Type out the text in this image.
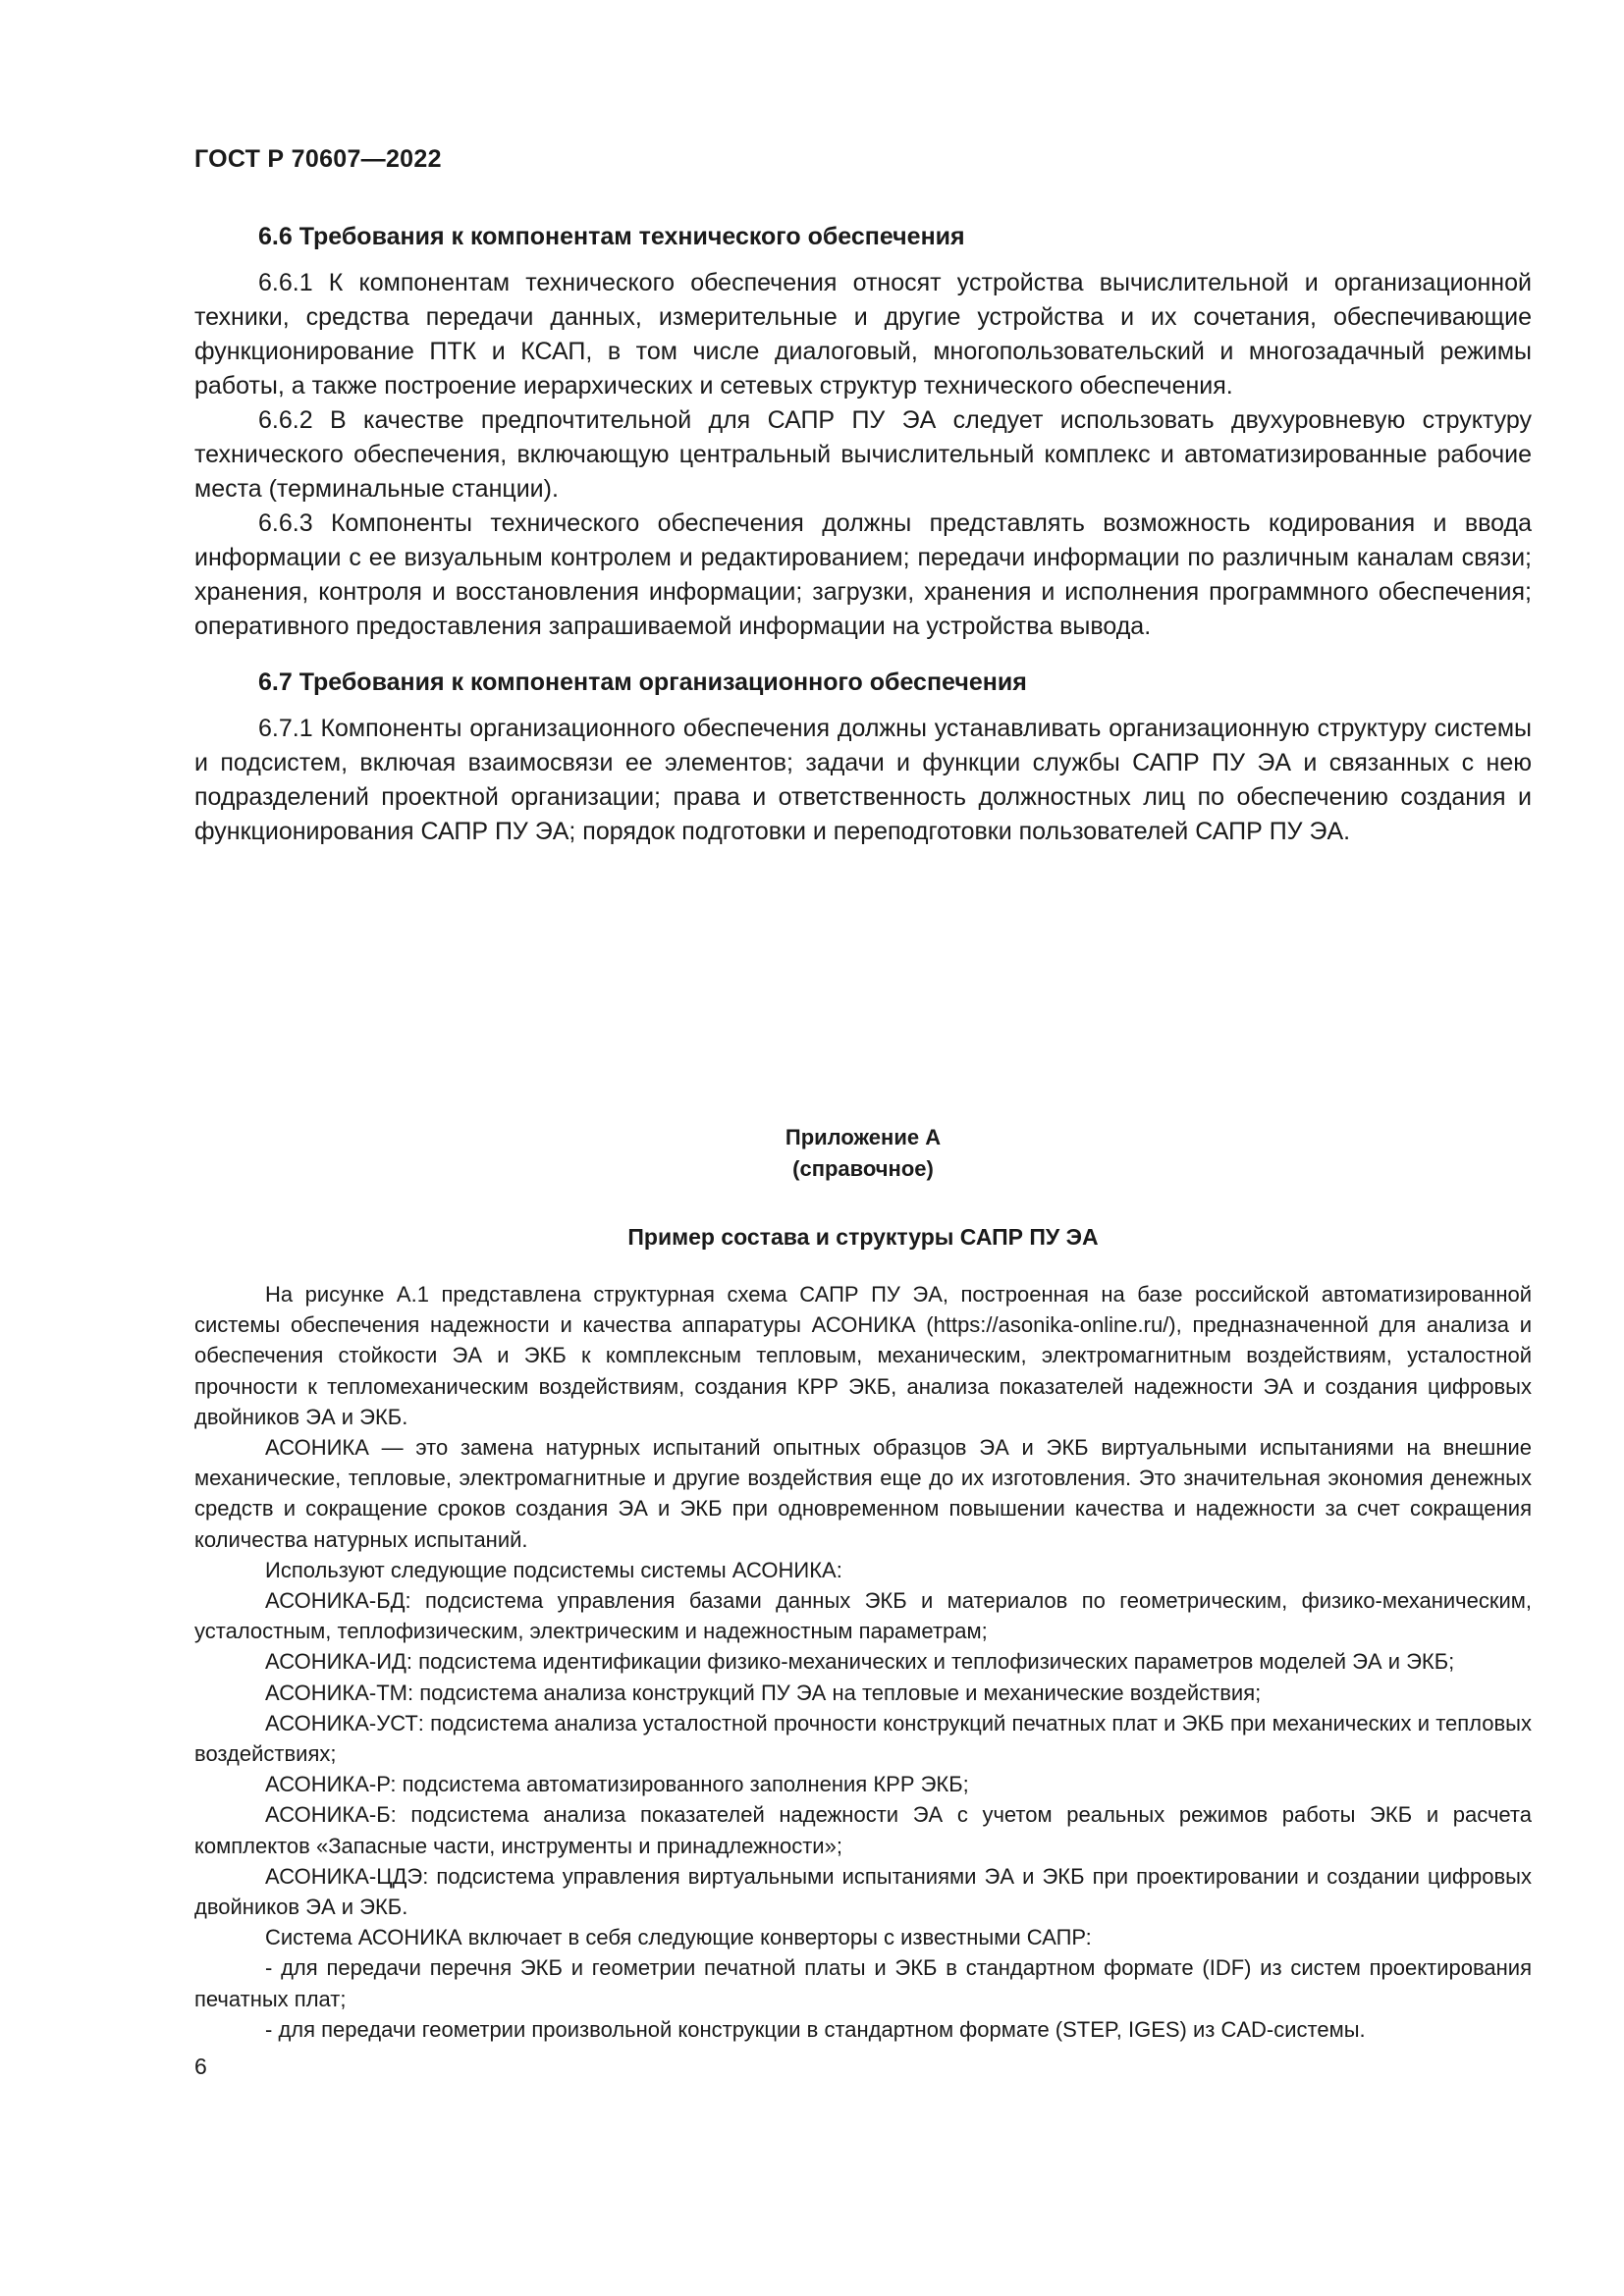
ГОСТ Р 70607—2022

6.6 Требования к компонентам технического обеспечения

6.6.1 К компонентам технического обеспечения относят устройства вычислительной и организационной техники, средства передачи данных, измерительные и другие устройства и их сочетания, обеспечивающие функционирование ПТК и КСАП, в том числе диалоговый, многопользовательский и многозадачный режимы работы, а также построение иерархических и сетевых структур технического обеспечения.

6.6.2 В качестве предпочтительной для САПР ПУ ЭА следует использовать двухуровневую структуру технического обеспечения, включающую центральный вычислительный комплекс и автоматизированные рабочие места (терминальные станции).

6.6.3 Компоненты технического обеспечения должны представлять возможность кодирования и ввода информации с ее визуальным контролем и редактированием; передачи информации по различным каналам связи; хранения, контроля и восстановления информации; загрузки, хранения и исполнения программного обеспечения; оперативного предоставления запрашиваемой информации на устройства вывода.

6.7 Требования к компонентам организационного обеспечения

6.7.1 Компоненты организационного обеспечения должны устанавливать организационную структуру системы и подсистем, включая взаимосвязи ее элементов; задачи и функции службы САПР ПУ ЭА и связанных с нею подразделений проектной организации; права и ответственность должностных лиц по обеспечению создания и функционирования САПР ПУ ЭА; порядок подготовки и переподготовки пользователей САПР ПУ ЭА.

Приложение А
(справочное)
Пример состава и структуры САПР ПУ ЭА

На рисунке А.1 представлена структурная схема САПР ПУ ЭА, построенная на базе российской автоматизированной системы обеспечения надежности и качества аппаратуры АСОНИКА (https://asonika-online.ru/), предназначенной для анализа и обеспечения стойкости ЭА и ЭКБ к комплексным тепловым, механическим, электромагнитным воздействиям, усталостной прочности к тепломеханическим воздействиям, создания КРР ЭКБ, анализа показателей надежности ЭА и создания цифровых двойников ЭА и ЭКБ.

АСОНИКА — это замена натурных испытаний опытных образцов ЭА и ЭКБ виртуальными испытаниями на внешние механические, тепловые, электромагнитные и другие воздействия еще до их изготовления. Это значительная экономия денежных средств и сокращение сроков создания ЭА и ЭКБ при одновременном повышении качества и надежности за счет сокращения количества натурных испытаний.

Используют следующие подсистемы системы АСОНИКА:

АСОНИКА-БД: подсистема управления базами данных ЭКБ и материалов по геометрическим, физико-механическим, усталостным, теплофизическим, электрическим и надежностным параметрам;

АСОНИКА-ИД: подсистема идентификации физико-механических и теплофизических параметров моделей ЭА и ЭКБ;

АСОНИКА-ТМ: подсистема анализа конструкций ПУ ЭА на тепловые и механические воздействия;

АСОНИКА-УСТ: подсистема анализа усталостной прочности конструкций печатных плат и ЭКБ при механических и тепловых воздействиях;

АСОНИКА-Р: подсистема автоматизированного заполнения КРР ЭКБ;

АСОНИКА-Б: подсистема анализа показателей надежности ЭА с учетом реальных режимов работы ЭКБ и расчета комплектов «Запасные части, инструменты и принадлежности»;

АСОНИКА-ЦДЭ: подсистема управления виртуальными испытаниями ЭА и ЭКБ при проектировании и создании цифровых двойников ЭА и ЭКБ.

Система АСОНИКА включает в себя следующие конверторы с известными САПР:

- для передачи перечня ЭКБ и геометрии печатной платы и ЭКБ в стандартном формате (IDF) из систем проектирования печатных плат;

- для передачи геометрии произвольной конструкции в стандартном формате (STEP, IGES) из CAD-системы.

6
